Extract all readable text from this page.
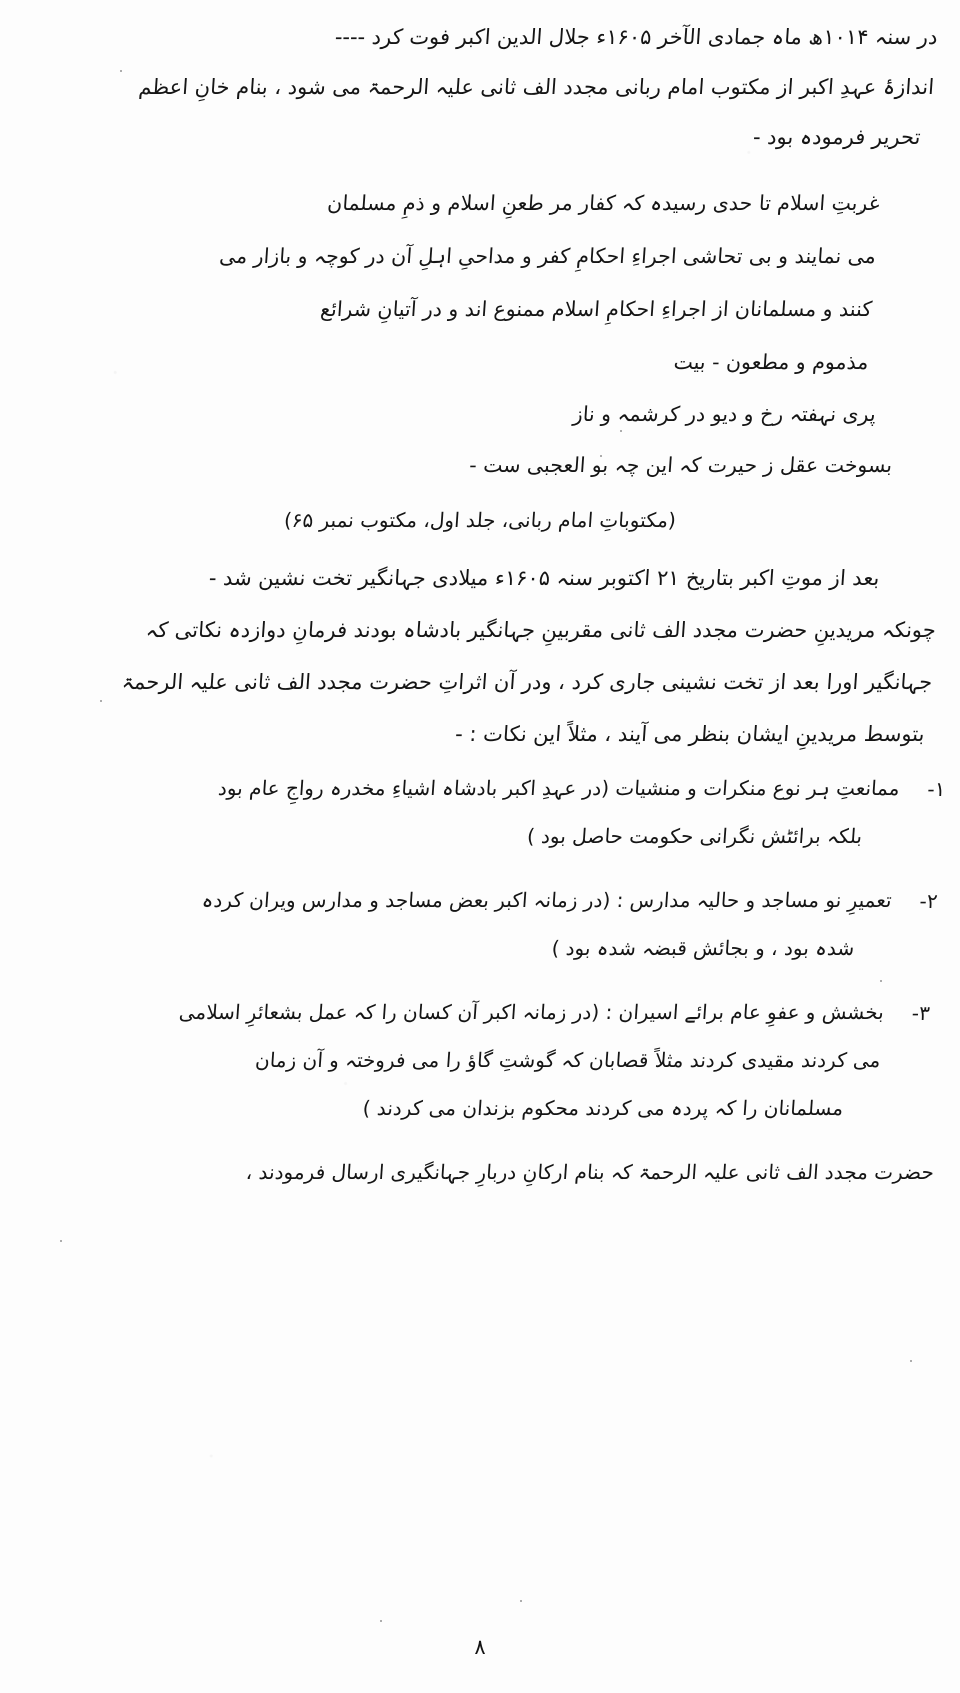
در سنہ ۱۰۱۴ھ ماہ جمادی الآخر ۱۶۰۵ء جلال الدین اکبر فوت کرد ----
اندازۂ عہدِ اکبر از مکتوب امام ربانی مجدد الف ثانی علیہ الرحمۃ می شود ، بنام خانِ اعظم
تحریر فرمودہ بود -
غربتِ اسلام تا حدی رسیدہ کہ کفار مر طعنِ اسلام و ذمِ مسلمان
می نمایند و بی تحاشی اجراءِ احکامِ کفر و مداحیِ اہلِ آن در کوچہ و بازار می
کنند و مسلمانان از اجراءِ احکامِ اسلام ممنوع اند و در آتیانِ شرائع
مذموم و مطعون - بیت
پری نہفتہ رخ و دیو در کرشمہ و ناز
بسوخت عقل ز حیرت کہ این چہ بو العجبی ست -
(مکتوباتِ امام ربانی، جلد اول، مکتوب نمبر ۶۵)
بعد از موتِ اکبر بتاریخ ۲۱ اکتوبر سنہ ۱۶۰۵ء میلادی جہانگیر تخت نشین شد -
چونکہ مریدینِ حضرت مجدد الف ثانی مقربینِ جہانگیر بادشاہ بودند فرمانِ دوازدہ نکاتی کہ
جہانگیر اورا بعد از تخت نشینی جاری کرد ، ودر آن اثراتِ حضرت مجدد الف ثانی علیہ الرحمۃ
بتوسط مریدینِ ایشان بنظر می آیند ، مثلاً این نکات : -
۱-
ممانعتِ ہر نوع منکرات و منشیات (در عہدِ اکبر بادشاہ اشیاءِ مخدرہ رواجِ عام بود
بلکہ برائٹش نگرانی حکومت حاصل بود )
۲-
تعمیرِ نو مساجد و حالیہ مدارس : (در زمانہ اکبر بعض مساجد و مدارس ویران کردہ
شدہ بود ، و بجائش قبضہ شدہ بود )
۳-
بخشش و عفوِ عام برائے اسیران : (در زمانہ اکبر آن کسان را کہ عمل بشعائرِ اسلامی
می کردند مقیدی کردند مثلاً قصابان کہ گوشتِ گاؤ را می فروختہ و آن زمان
مسلمانان را کہ پردہ می کردند محکوم بزندان می کردند )
حضرت مجدد الف ثانی علیہ الرحمۃ کہ بنام ارکانِ دربارِ جہانگیری ارسال فرمودند ،
٨
